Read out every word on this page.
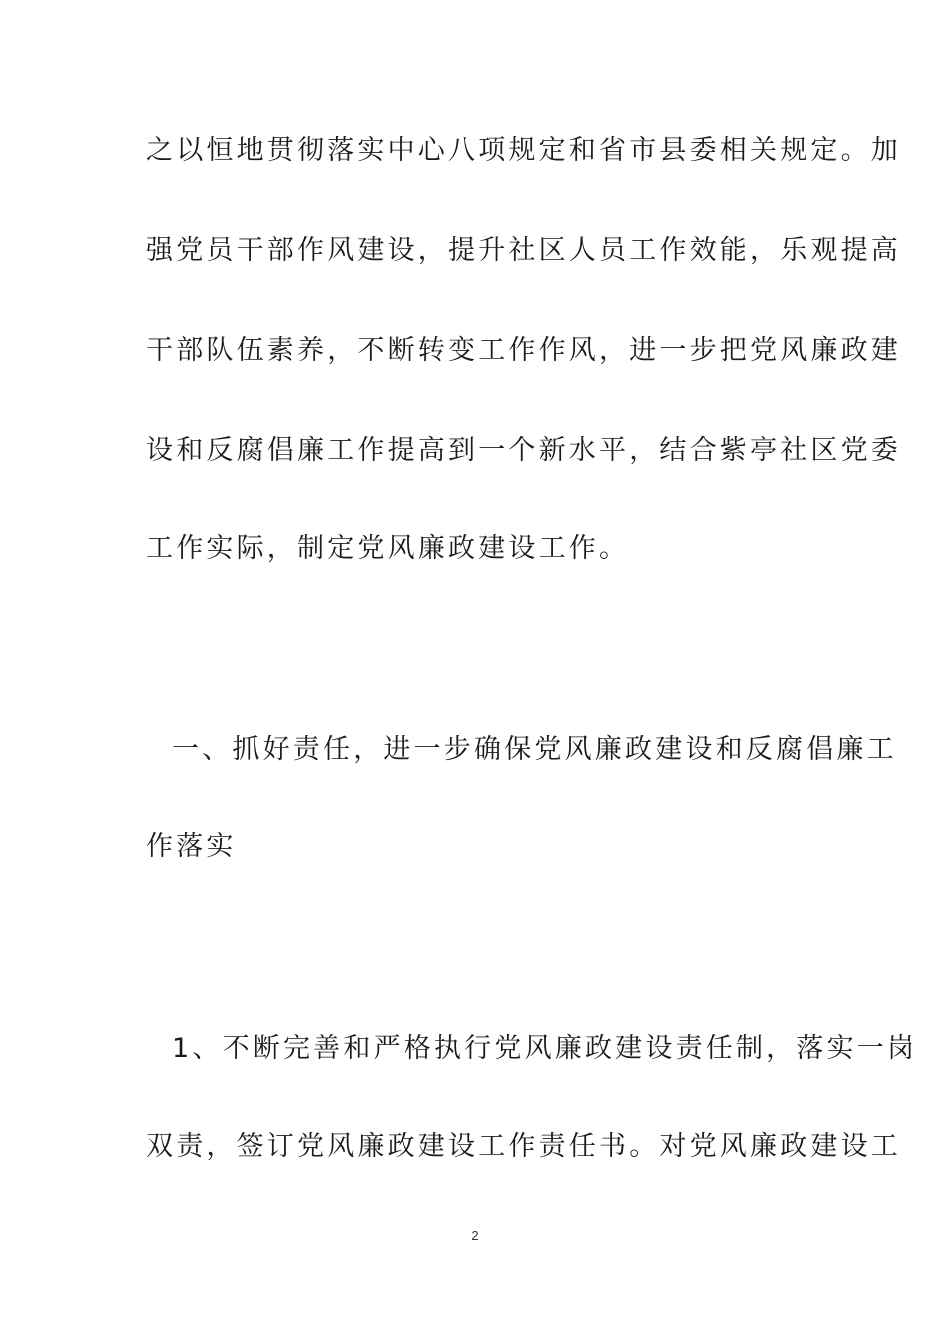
之以恒地贯彻落实中心八项规定和省市县委相关规定。加

强党员干部作风建设，提升社区人员工作效能，乐观提高

干部队伍素养，不断转变工作作风，进一步把党风廉政建

设和反腐倡廉工作提高到一个新水平，结合紫亭社区党委

工作实际，制定党风廉政建设工作。

一、抓好责任，进一步确保党风廉政建设和反腐倡廉工

作落实

1、不断完善和严格执行党风廉政建设责任制，落实一岗

双责，签订党风廉政建设工作责任书。对党风廉政建设工

2
